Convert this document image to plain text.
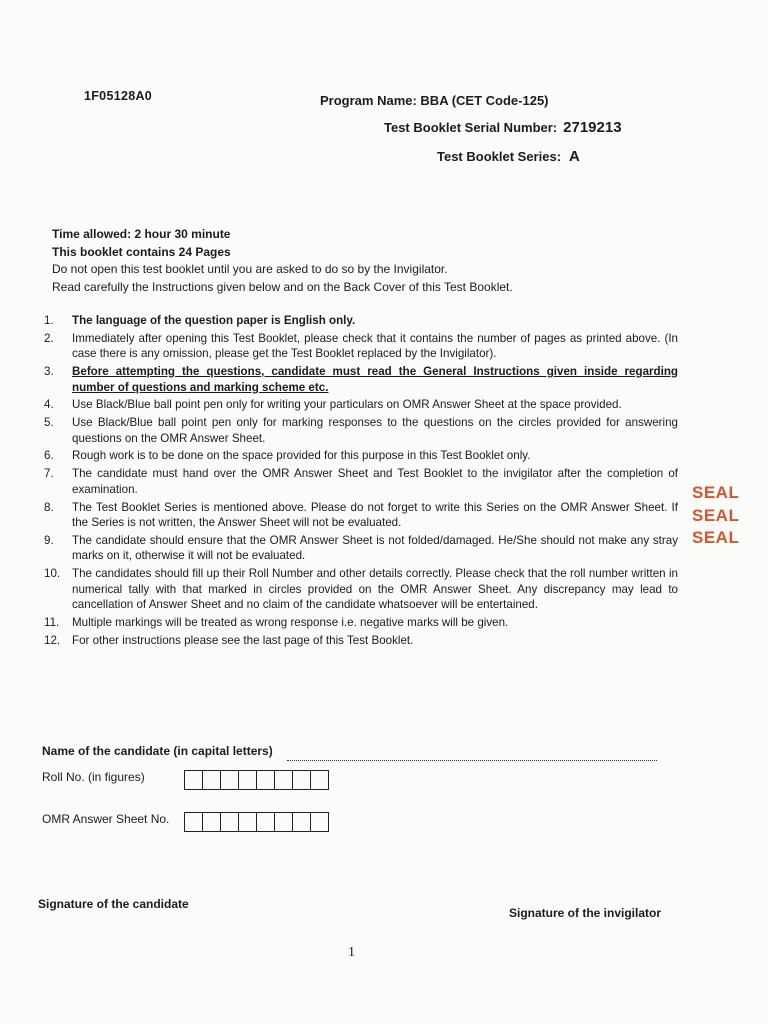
1F05128A0	Program Name: BBA (CET Code-125)
Test Booklet Serial Number: 2719213
Test Booklet Series: A
Time allowed: 2 hour 30 minute
This booklet contains 24 Pages
Do not open this test booklet until you are asked to do so by the Invigilator.
Read carefully the Instructions given below and on the Back Cover of this Test Booklet.
1.	The language of the question paper is English only.
2.	Immediately after opening this Test Booklet, please check that it contains the number of pages as printed above. (In case there is any omission, please get the Test Booklet replaced by the Invigilator).
3.	Before attempting the questions, candidate must read the General Instructions given inside regarding number of questions and marking scheme etc.
4.	Use Black/Blue ball point pen only for writing your particulars on OMR Answer Sheet at the space provided.
5.	Use Black/Blue ball point pen only for marking responses to the questions on the circles provided for answering questions on the OMR Answer Sheet.
6.	Rough work is to be done on the space provided for this purpose in this Test Booklet only.
7.	The candidate must hand over the OMR Answer Sheet and Test Booklet to the invigilator after the completion of examination.
8.	The Test Booklet Series is mentioned above. Please do not forget to write this Series on the OMR Answer Sheet. If the Series is not written, the Answer Sheet will not be evaluated.
9.	The candidate should ensure that the OMR Answer Sheet is not folded/damaged. He/She should not make any stray marks on it, otherwise it will not be evaluated.
10.	The candidates should fill up their Roll Number and other details correctly. Please check that the roll number written in numerical tally with that marked in circles provided on the OMR Answer Sheet. Any discrepancy may lead to cancellation of Answer Sheet and no claim of the candidate whatsoever will be entertained.
11.	Multiple markings will be treated as wrong response i.e. negative marks will be given.
12.	For other instructions please see the last page of this Test Booklet.
SEAL
SEAL
SEAL
Name of the candidate (in capital letters)
Roll No. (in figures)
OMR Answer Sheet No.
Signature of the candidate
Signature of the invigilator
1
